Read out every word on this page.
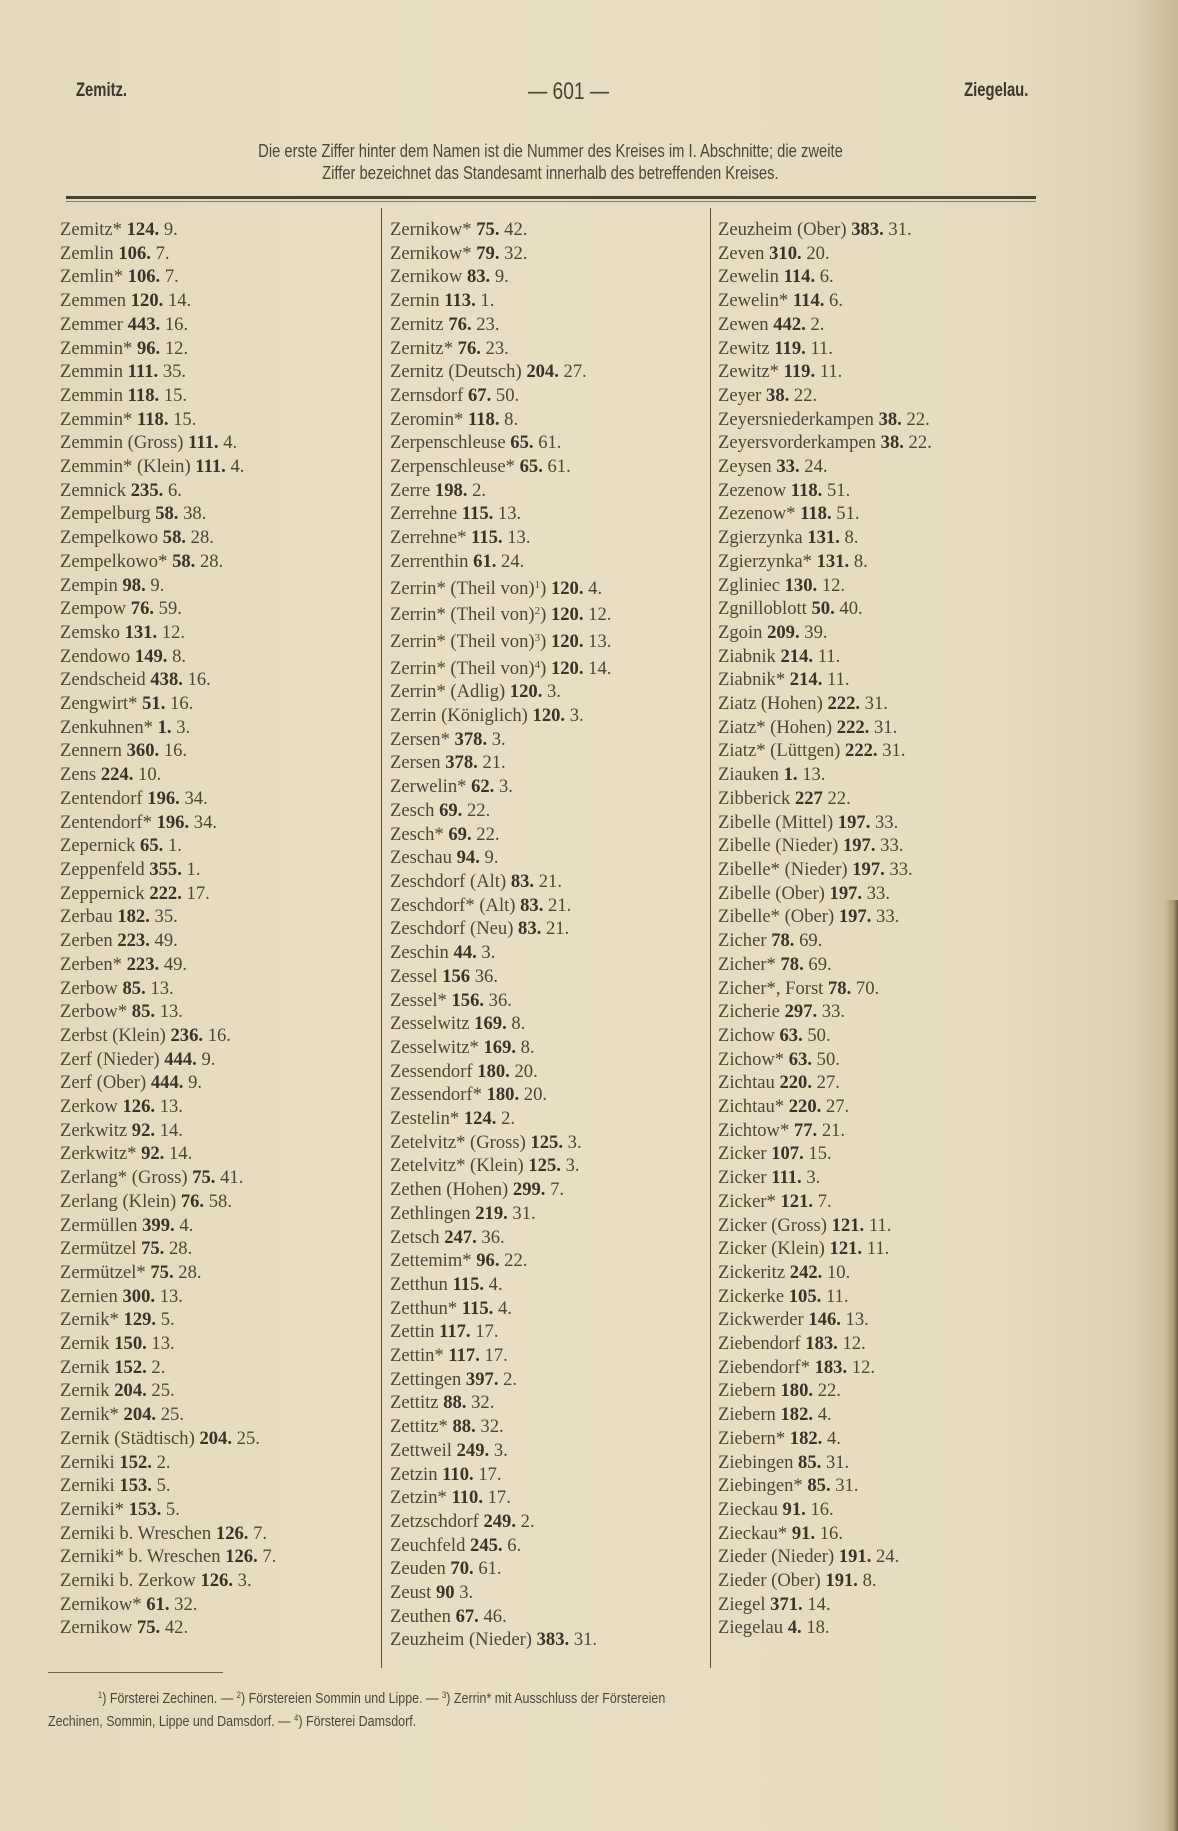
Zemitz.	— 601 —	Ziegelau.
Die erste Ziffer hinter dem Namen ist die Nummer des Kreises im I. Abschnitte; die zweite
Ziffer bezeichnet das Standesamt innerhalb des betreffenden Kreises.
Zemitz* 124. 9.
Zemlin 106. 7.
Zemlin* 106. 7.
Zemmen 120. 14.
Zemmer 443. 16.
Zemmin* 96. 12.
Zemmin 111. 35.
Zemmin 118. 15.
Zemmin* 118. 15.
Zemmin (Gross) 111. 4.
Zemmin* (Klein) 111. 4.
Zemnick 235. 6.
Zempelburg 58. 38.
Zempelkowo 58. 28.
Zempelkowo* 58. 28.
Zempin 98. 9.
Zempow 76. 59.
Zemsko 131. 12.
Zendowo 149. 8.
Zendscheid 438. 16.
Zengwirt* 51. 16.
Zenkuhnen* 1. 3.
Zennern 360. 16.
Zens 224. 10.
Zentendorf 196. 34.
Zentendorf* 196. 34.
Zepernick 65. 1.
Zeppenfeld 355. 1.
Zeppernick 222. 17.
Zerbau 182. 35.
Zerben 223. 49.
Zerben* 223. 49.
Zerbow 85. 13.
Zerbow* 85. 13.
Zerbst (Klein) 236. 16.
Zerf (Nieder) 444. 9.
Zerf (Ober) 444. 9.
Zerkow 126. 13.
Zerkwitz 92. 14.
Zerkwitz* 92. 14.
Zerlang* (Gross) 75. 41.
Zerlang (Klein) 76. 58.
Zermüllen 399. 4.
Zermützel 75. 28.
Zermützel* 75. 28.
Zernien 300. 13.
Zernik* 129. 5.
Zernik 150. 13.
Zernik 152. 2.
Zernik 204. 25.
Zernik* 204. 25.
Zernik (Städtisch) 204. 25.
Zerniki 152. 2.
Zerniki 153. 5.
Zerniki* 153. 5.
Zerniki b. Wreschen 126. 7.
Zerniki* b. Wreschen 126. 7.
Zerniki b. Zerkow 126. 3.
Zernikow* 61. 32.
Zernikow 75. 42.
Zernikow* 75. 42.
Zernikow* 79. 32.
Zernikow 83. 9.
Zernin 113. 1.
Zernitz 76. 23.
Zernitz* 76. 23.
Zernitz (Deutsch) 204. 27.
Zernsdorf 67. 50.
Zeromin* 118. 8.
Zerpenschleuse 65. 61.
Zerpenschleuse* 65. 61.
Zerre 198. 2.
Zerrehne 115. 13.
Zerrehne* 115. 13.
Zerrenthin 61. 24.
Zerrin* (Theil von)$^1$) 120. 4.
Zerrin* (Theil von)$^2$) 120. 12.
Zerrin* (Theil von)$^3$) 120. 13.
Zerrin* (Theil von)$^4$) 120. 14.
Zerrin* (Adlig) 120. 3.
Zerrin (Königlich) 120. 3.
Zersen* 378. 3.
Zersen 378. 21.
Zerwelin* 62. 3.
Zesch 69. 22.
Zesch* 69. 22.
Zeschau 94. 9.
Zeschdorf (Alt) 83. 21.
Zeschdorf* (Alt) 83. 21.
Zeschdorf (Neu) 83. 21.
Zeschin 44. 3.
Zessel 156 36.
Zessel* 156. 36.
Zesselwitz 169. 8.
Zesselwitz* 169. 8.
Zessendorf 180. 20.
Zessendorf* 180. 20.
Zestelin* 124. 2.
Zetelvitz* (Gross) 125. 3.
Zetelvitz* (Klein) 125. 3.
Zethen (Hohen) 299. 7.
Zethlingen 219. 31.
Zetsch 247. 36.
Zettemim* 96. 22.
Zetthun 115. 4.
Zetthun* 115. 4.
Zettin 117. 17.
Zettin* 117. 17.
Zettingen 397. 2.
Zettitz 88. 32.
Zettitz* 88. 32.
Zettweil 249. 3.
Zetzin 110. 17.
Zetzin* 110. 17.
Zetzschdorf 249. 2.
Zeuchfeld 245. 6.
Zeuden 70. 61.
Zeust 90 3.
Zeuthen 67. 46.
Zeuzheim (Nieder) 383. 31.
Zeuzheim (Ober) 383. 31.
Zeven 310. 20.
Zewelin 114. 6.
Zewelin* 114. 6.
Zewen 442. 2.
Zewitz 119. 11.
Zewitz* 119. 11.
Zeyer 38. 22.
Zeyersniederkampen 38. 22.
Zeyersvorderkampen 38. 22.
Zeysen 33. 24.
Zezenow 118. 51.
Zezenow* 118. 51.
Zgierzynka 131. 8.
Zgierzynka* 131. 8.
Zgliniec 130. 12.
Zgnilloblott 50. 40.
Zgoin 209. 39.
Ziabnik 214. 11.
Ziabnik* 214. 11.
Ziatz (Hohen) 222. 31.
Ziatz* (Hohen) 222. 31.
Ziatz* (Lüttgen) 222. 31.
Ziauken 1. 13.
Zibberick 227 22.
Zibelle (Mittel) 197. 33.
Zibelle (Nieder) 197. 33.
Zibelle* (Nieder) 197. 33.
Zibelle (Ober) 197. 33.
Zibelle* (Ober) 197. 33.
Zicher 78. 69.
Zicher* 78. 69.
Zicher*, Forst 78. 70.
Zicherie 297. 33.
Zichow 63. 50.
Zichow* 63. 50.
Zichtau 220. 27.
Zichtau* 220. 27.
Zichtow* 77. 21.
Zicker 107. 15.
Zicker 111. 3.
Zicker* 121. 7.
Zicker (Gross) 121. 11.
Zicker (Klein) 121. 11.
Zickeritz 242. 10.
Zickerke 105. 11.
Zickwerder 146. 13.
Ziebendorf 183. 12.
Ziebendorf* 183. 12.
Ziebern 180. 22.
Ziebern 182. 4.
Ziebern* 182. 4.
Ziebingen 85. 31.
Ziebingen* 85. 31.
Zieckau 91. 16.
Zieckau* 91. 16.
Zieder (Nieder) 191. 24.
Zieder (Ober) 191. 8.
Ziegel 371. 14.
Ziegelau 4. 18.
$^1$) Försterei Zechinen. — $^2$) Förstereien Sommin und Lippe. — $^3$) Zerrin* mit Ausschluss der Förstereien
Zechinen, Sommin, Lippe und Damsdorf. — $^4$) Försterei Damsdorf.
